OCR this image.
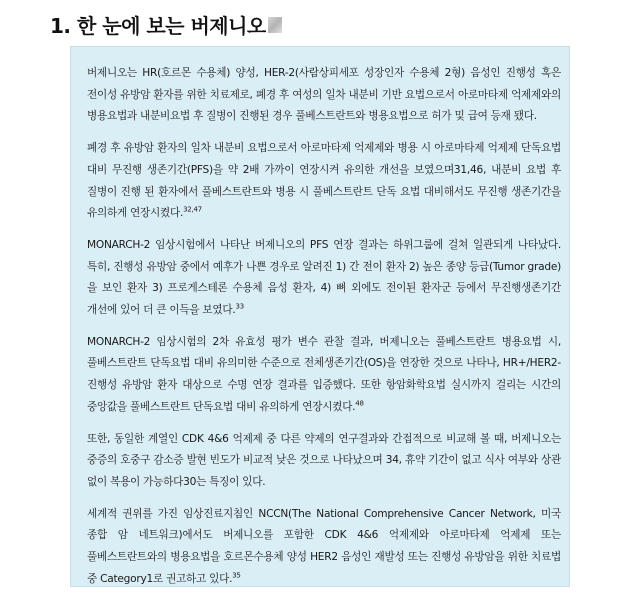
1. 한 눈에 보는 버제니오

버제니오는 HR(호르몬 수용체) 양성, HER-2(사람상피세포 성장인자 수용체 2형) 음성인 진행성 혹은 전이성 유방암 환자를 위한 치료제로, 폐경 후 여성의 일차 내분비 기반 요법으로서 아로마타제 억제제와의 병용요법과 내분비요법 후 질병이 진행된 경우 풀베스트란트와 병용요법으로 허가 및 급여 등재 됐다.

폐경 후 유방암 환자의 일차 내분비 요법으로서 아로마타제 억제제와 병용 시 아로마타제 억제제 단독요법 대비 무진행 생존기간(PFS)을 약 2배 가까이 연장시켜 유의한 개선을 보였으며31,46, 내분비 요법 후 질병이 진행 된 환자에서 풀베스트란트와 병용 시 풀베스트란트 단독 요법 대비해서도 무진행 생존기간을 유의하게 연장시켰다.$^{32,47}$

MONARCH-2 임상시험에서 나타난 버제니오의 PFS 연장 결과는 하위그룹에 걸쳐 일관되게 나타났다. 특히, 진행성 유방암 중에서 예후가 나쁜 경우로 알려진 1) 간 전이 환자 2) 높은 종양 등급(Tumor grade)을 보인 환자 3) 프로게스테론 수용체 음성 환자, 4) 뼈 외에도 전이된 환자군 등에서 무진행생존기간 개선에 있어 더 큰 이득을 보였다.$^{33}$

MONARCH-2 임상시험의 2차 유효성 평가 변수 관찰 결과, 버제니오는 풀베스트란트 병용요법 시, 풀베스트란트 단독요법 대비 유의미한 수준으로 전체생존기간(OS)을 연장한 것으로 나타나, HR+/HER2- 진행성 유방암 환자 대상으로 수명 연장 결과를 입증했다. 또한 항암화학요법 실시까지 걸리는 시간의 중앙값을 풀베스트란트 단독요법 대비 유의하게 연장시켰다.$^{48}$

또한, 동일한 계열인 CDK 4&6 억제제 중 다른 약제의 연구결과와 간접적으로 비교해 볼 때, 버제니오는 중증의 호중구 감소증 발현 빈도가 비교적 낮은 것으로 나타났으며 34, 휴약 기간이 없고 식사 여부와 상관 없이 복용이 가능하다30는 특징이 있다.

세계적 권위를 가진 임상진료지침인 NCCN(The National Comprehensive Cancer Network, 미국 종합 암 네트워크)에서도 버제니오를 포함한 CDK 4&6 억제제와 아로마타제 억제제 또는 풀베스트란트와의 병용요법을 호르몬수용체 양성 HER2 음성인 재발성 또는 진행성 유방암을 위한 치료법 중 Category1로 권고하고 있다.$^{35}$
